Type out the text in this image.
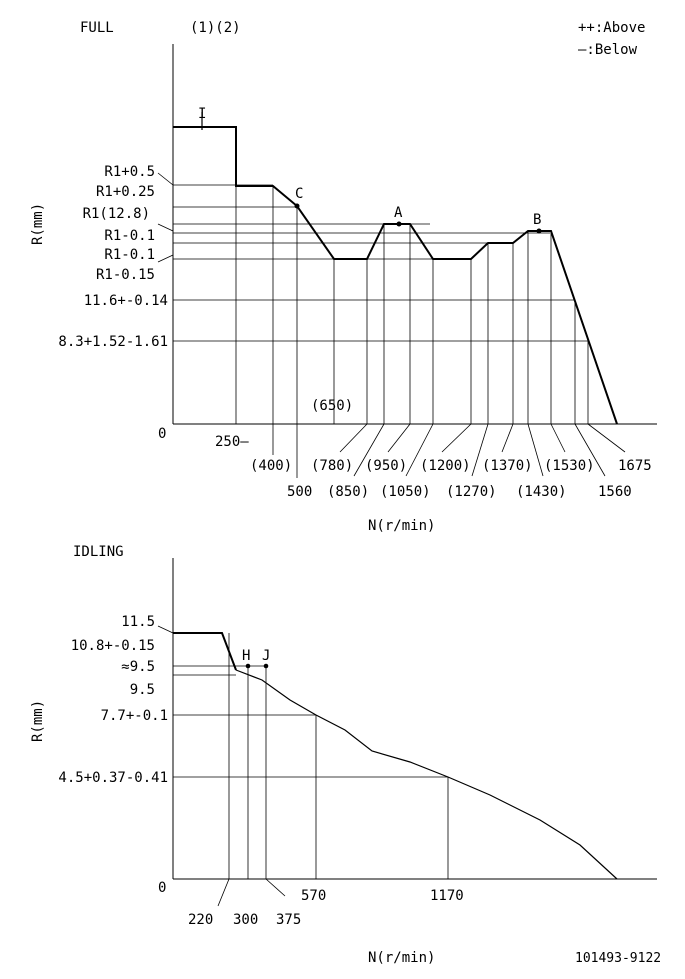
FULL	(1)(2)	++:Above
—:Below
0
R(mm)
N(r/min)
I
C
A	B
R1+0.5
R1+0.25
R1(12.8)
R1-0.1
R1-0.1
R1-0.15
11.6+-0.14
8.3+1.52-1.61
250—
(400)
500
(650)
(780)
(850)
(950)
(1050)
(1200)
(1270)
(1370)
(1430)
(1530)
1560
1675
IDLING
0
R(mm)
N(r/min)
H J
11.5
10.8+-0.15
≈9.5
9.5
7.7+-0.1
4.5+0.37-0.41
220 300 375
570	1170
101493-9122
